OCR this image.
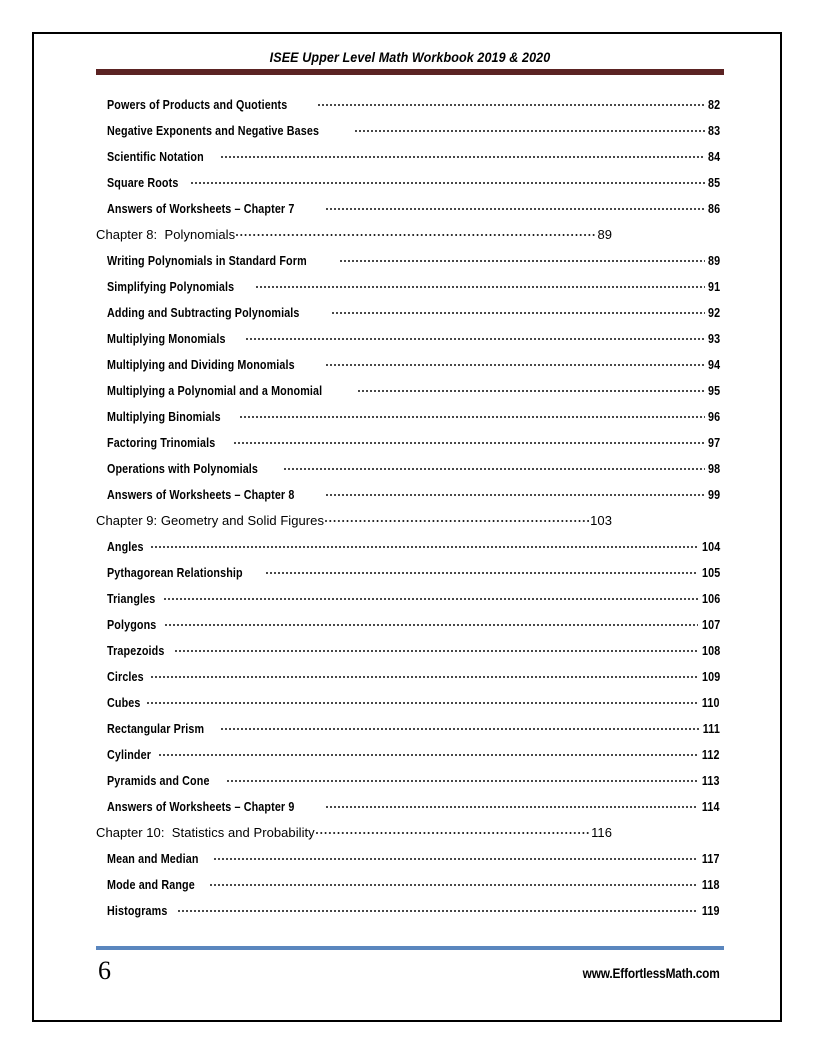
ISEE Upper Level Math Workbook 2019 & 2020
Powers of Products and Quotients	82
Negative Exponents and Negative Bases	83
Scientific Notation	84
Square Roots	85
Answers of Worksheets – Chapter 7	86
Chapter 8:  Polynomials	89
Writing Polynomials in Standard Form	89
Simplifying Polynomials	91
Adding and Subtracting Polynomials	92
Multiplying Monomials	93
Multiplying and Dividing Monomials	94
Multiplying a Polynomial and a Monomial	95
Multiplying Binomials	96
Factoring Trinomials	97
Operations with Polynomials	98
Answers of Worksheets – Chapter 8	99
Chapter 9: Geometry and Solid Figures	103
Angles	104
Pythagorean Relationship	105
Triangles	106
Polygons	107
Trapezoids	108
Circles	109
Cubes	110
Rectangular Prism	111
Cylinder	112
Pyramids and Cone	113
Answers of Worksheets – Chapter 9	114
Chapter 10:  Statistics and Probability	116
Mean and Median	117
Mode and Range	118
Histograms	119
6	www.EffortlessMath.com
